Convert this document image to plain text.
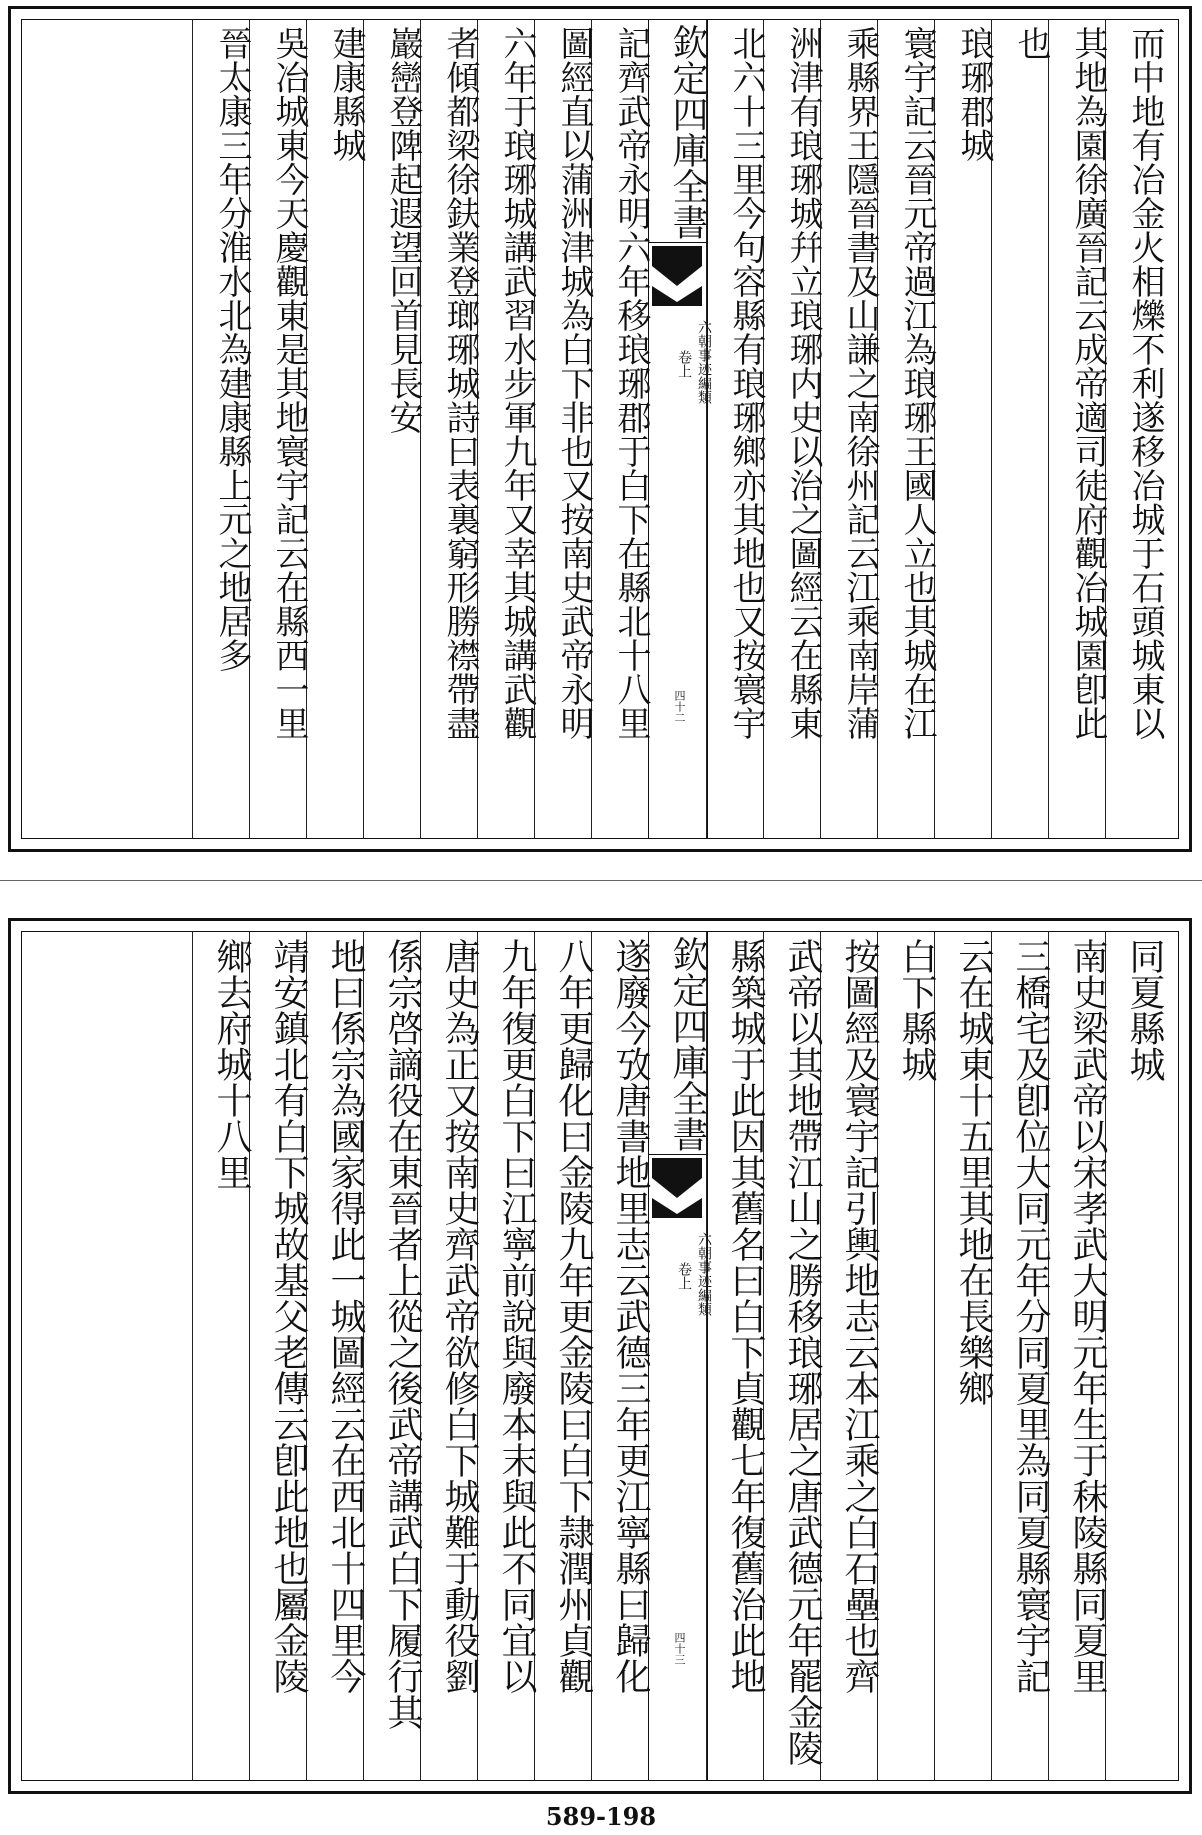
而中地有冶金火相爍不利遂移冶城于石頭城東以
其地為園徐廣晉記云成帝適司徒府觀冶城園卽此
也
琅琊郡城
寰宇記云晉元帝過江為琅琊王國人立也其城在江
乘縣界王隱晉書及山謙之南徐州記云江乘南岸蒲
洲津有琅琊城幷立琅琊内史以治之圖經云在縣東
北六十三里今句容縣有琅琊鄉亦其地也又按寰宇
記齊武帝永明六年移琅琊郡于白下在縣北十八里
圖經直以蒲洲津城為白下非也又按南史武帝永明
六年于琅琊城講武習水步軍九年又幸其城講武觀
者傾都梁徐鈇業登瑯琊城詩曰表裏窮形勝襟帶盡
巖巒登陴起遐望回首見長安
建康縣城
吳冶城東今天慶觀東是其地寰宇記云在縣西一里
晉太康三年分淮水北為建康縣上元之地居多	欽定四庫全書
六朝事迹編類
卷上
四十二
同夏縣城
南史梁武帝以宋孝武大明元年生于秣陵縣同夏里
三橋宅及卽位大同元年分同夏里為同夏縣寰宇記
云在城東十五里其地在長樂鄉
白下縣城
按圖經及寰宇記引輿地志云本江乘之白石壘也齊
武帝以其地帶江山之勝移琅琊居之唐武德元年罷金陵
縣築城于此因其舊名曰白下貞觀七年復舊治此地
遂廢今攷唐書地里志云武德三年更江寧縣曰歸化
八年更歸化曰金陵九年更金陵曰白下隷潤州貞觀
九年復更白下曰江寧前說與廢本末與此不同宜以
唐史為正又按南史齊武帝欲修白下城難于動役劉
係宗啓謫役在東晉者上從之後武帝講武白下履行其
地曰係宗為國家得此一城圖經云在西北十四里今
靖安鎮北有白下城故基父老傳云卽此地也屬金陵
鄉去府城十八里	欽定四庫全書
六朝事迹編類
卷上
四十三
589-198
